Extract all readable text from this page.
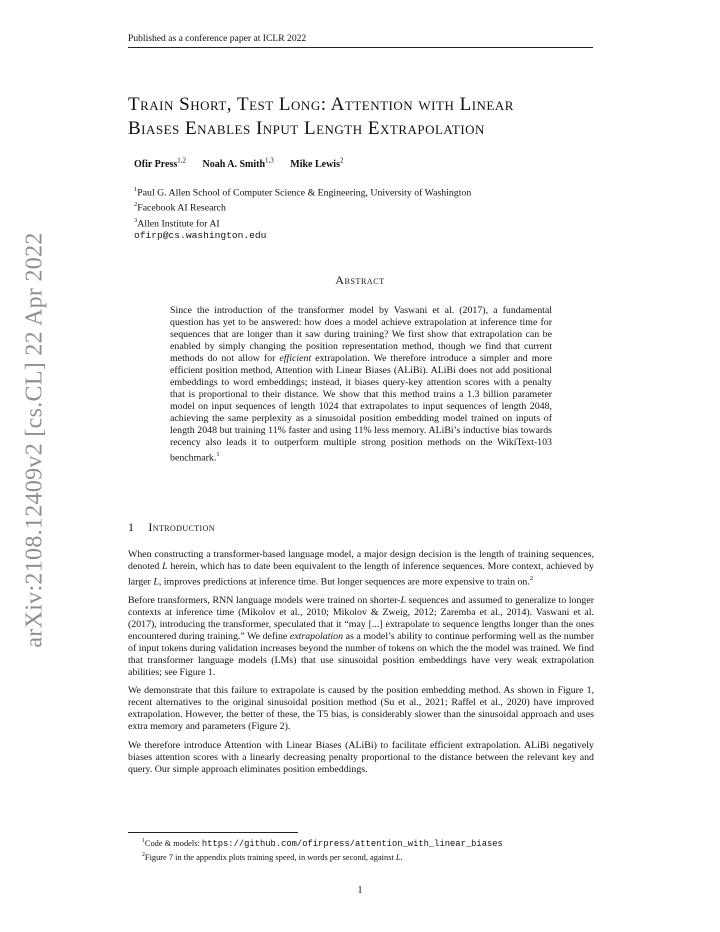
Published as a conference paper at ICLR 2022
Train Short, Test Long: Attention with Linear
Biases Enables Input Length Extrapolation
Ofir Press$^{1,2}$ Noah A. Smith$^{1,3}$ Mike Lewis$^2$
$^1$Paul G. Allen School of Computer Science & Engineering, University of Washington
$^2$Facebook AI Research
$^3$Allen Institute for AI
ofirp@cs.washington.edu
arXiv:2108.12409v2 [cs.CL] 22 Apr 2022	Abstract
Since the introduction of the transformer model by Vaswani et al. (2017), a fundamental question has yet to be answered: how does a model achieve extrapolation at inference time for sequences that are longer than it saw during training? We first show that extrapolation can be enabled by simply changing the position representation method, though we find that current methods do not allow for efficient extrapolation. We therefore introduce a simpler and more efficient position method, Attention with Linear Biases (ALiBi). ALiBi does not add positional embeddings to word embeddings; instead, it biases query-key attention scores with a penalty that is proportional to their distance. We show that this method trains a 1.3 billion parameter model on input sequences of length 1024 that extrapolates to input sequences of length 2048, achieving the same perplexity as a sinusoidal position embedding model trained on inputs of length 2048 but training 11% faster and using 11% less memory. ALiBi’s inductive bias towards recency also leads it to outperform multiple strong position methods on the WikiText-103 benchmark.$^1$
1 Introduction

When constructing a transformer-based language model, a major design decision is the length of training sequences, denoted L herein, which has to date been equivalent to the length of inference sequences. More context, achieved by larger L, improves predictions at inference time. But longer sequences are more expensive to train on.$^2$

Before transformers, RNN language models were trained on shorter-L sequences and assumed to generalize to longer contexts at inference time (Mikolov et al., 2010; Mikolov & Zweig, 2012; Zaremba et al., 2014). Vaswani et al. (2017), introducing the transformer, speculated that it “may [...] extrapolate to sequence lengths longer than the ones encountered during training.” We define extrapolation as a model’s ability to continue performing well as the number of input tokens during validation increases beyond the number of tokens on which the the model was trained. We find that transformer language models (LMs) that use sinusoidal position embeddings have very weak extrapolation abilities; see Figure 1.

We demonstrate that this failure to extrapolate is caused by the position embedding method. As shown in Figure 1, recent alternatives to the original sinusoidal position method (Su et al., 2021; Raffel et al., 2020) have improved extrapolation. However, the better of these, the T5 bias, is considerably slower than the sinusoidal approach and uses extra memory and parameters (Figure 2).

We therefore introduce Attention with Linear Biases (ALiBi) to facilitate efficient extrapolation. ALiBi negatively biases attention scores with a linearly decreasing penalty proportional to the distance between the relevant key and query. Our simple approach eliminates position embeddings.

$^1$Code & models: https://github.com/ofirpress/attention_with_linear_biases
$^2$Figure 7 in the appendix plots training speed, in words per second, against L.
1
